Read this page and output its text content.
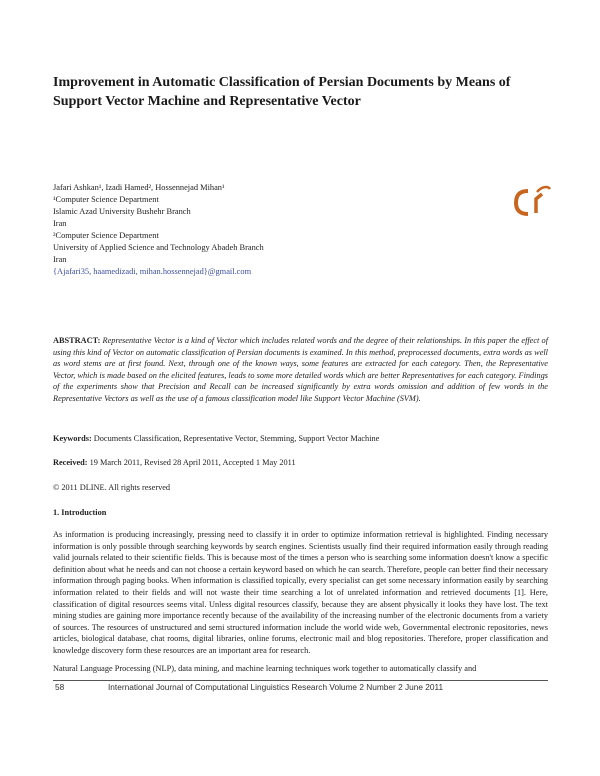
Improvement in Automatic Classification of Persian Documents by Means of Support Vector Machine and Representative Vector
Jafari Ashkan¹, Izadi Hamed², Hossennejad Mihan¹
¹Computer Science Department
Islamic Azad University Bushehr Branch
Iran
²Computer Science Department
University of Applied Science and Technology Abadeh Branch
Iran
{Ajafari35, haamedizadi, mihan.hossennejad}@gmail.com
ABSTRACT: Representative Vector is a kind of Vector which includes related words and the degree of their relationships. In this paper the effect of using this kind of Vector on automatic classification of Persian documents is examined. In this method, preprocessed documents, extra words as well as word stems are at first found. Next, through one of the known ways, some features are extracted for each category. Then, the Representative Vector, which is made based on the elicited features, leads to some more detailed words which are better Representatives for each category. Findings of the experiments show that Precision and Recall can be increased significantly by extra words omission and addition of few words in the Representative Vectors as well as the use of a famous classification model like Support Vector Machine (SVM).
Keywords: Documents Classification, Representative Vector, Stemming, Support Vector Machine
Received: 19 March 2011, Revised 28 April 2011, Accepted 1 May 2011
© 2011 DLINE. All rights reserved
1. Introduction
As information is producing increasingly, pressing need to classify it in order to optimize information retrieval is highlighted. Finding necessary information is only possible through searching keywords by search engines. Scientists usually find their required information easily through reading valid journals related to their scientific fields. This is because most of the times a person who is searching some information doesn't know a specific definition about what he needs and can not choose a certain keyword based on which he can search. Therefore, people can better find their necessary information through paging books. When information is classified topically, every specialist can get some necessary information easily by searching information related to their fields and will not waste their time searching a lot of unrelated information and retrieved documents [1]. Here, classification of digital resources seems vital. Unless digital resources classify, because they are absent physically it looks they have lost. The text mining studies are gaining more importance recently because of the availability of the increasing number of the electronic documents from a variety of sources. The resources of unstructured and semi structured information include the world wide web, Governmental electronic repositories, news articles, biological database, chat rooms, digital libraries, online forums, electronic mail and blog repositories. Therefore, proper classification and knowledge discovery form these resources are an important area for research.
Natural Language Processing (NLP), data mining, and machine learning techniques work together to automatically classify and
58	International Journal of Computational Linguistics Research Volume 2 Number 2 June 2011
